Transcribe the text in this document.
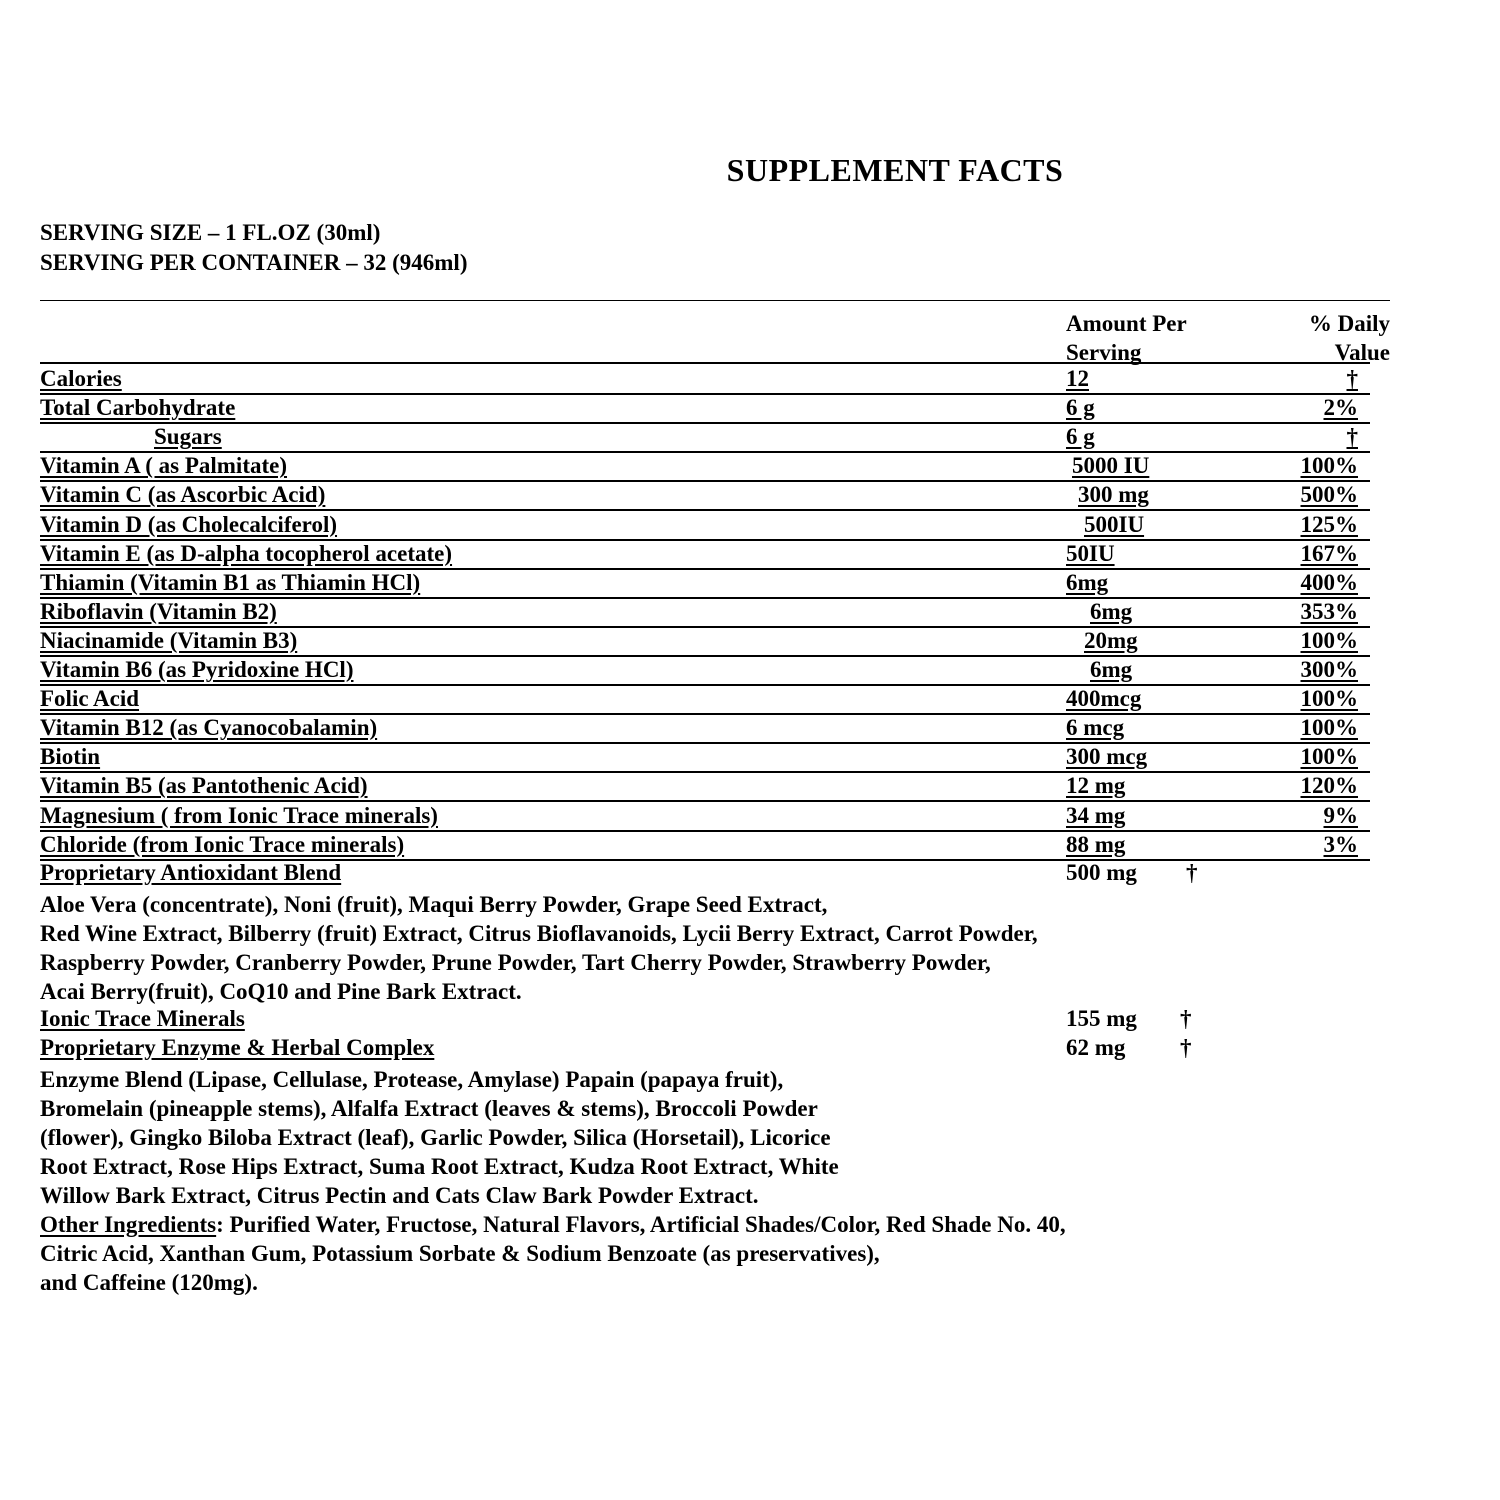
SUPPLEMENT FACTS
SERVING SIZE – 1 FL.OZ (30ml)
SERVING PER CONTAINER – 32 (946ml)
Amount Per
Serving
% Daily
Value
Calories	12	†
Total Carbohydrate	6 g	2%
Sugars	6 g	†
Vitamin A ( as Palmitate)	5000 IU	100%
Vitamin C (as Ascorbic Acid)	300 mg	500%
Vitamin D (as Cholecalciferol)	500IU	125%
Vitamin E (as D-alpha tocopherol acetate)	50IU	167%
Thiamin (Vitamin B1 as Thiamin HCl)	6mg	400%
Riboflavin (Vitamin B2)	6mg	353%
Niacinamide (Vitamin B3)	20mg	100%
Vitamin B6 (as Pyridoxine HCl)	6mg	300%
Folic Acid	400mcg	100%
Vitamin B12 (as Cyanocobalamin)	6 mcg	100%
Biotin	300 mcg	100%
Vitamin B5 (as Pantothenic Acid)	12 mg	120%
Magnesium ( from Ionic Trace minerals)	34 mg	9%
Chloride (from Ionic Trace minerals)	88 mg	3%
Proprietary Antioxidant Blend	500 mg †
Aloe Vera (concentrate), Noni (fruit), Maqui Berry Powder, Grape Seed Extract,
Red Wine Extract, Bilberry (fruit) Extract, Citrus Bioflavanoids, Lycii Berry Extract, Carrot Powder,
Raspberry Powder, Cranberry Powder, Prune Powder, Tart Cherry Powder, Strawberry Powder,
Acai Berry(fruit), CoQ10 and Pine Bark Extract.
Ionic Trace Minerals	155 mg †
Proprietary Enzyme & Herbal Complex	62 mg †
Enzyme Blend (Lipase, Cellulase, Protease, Amylase) Papain (papaya fruit),
Bromelain (pineapple stems), Alfalfa Extract (leaves & stems), Broccoli Powder
(flower), Gingko Biloba Extract (leaf), Garlic Powder, Silica (Horsetail), Licorice
Root Extract, Rose Hips Extract, Suma Root Extract, Kudza Root Extract, White
Willow Bark Extract, Citrus Pectin and Cats Claw Bark Powder Extract.
Other Ingredients: Purified Water, Fructose, Natural Flavors, Artificial Shades/Color, Red Shade No. 40,
Citric Acid, Xanthan Gum, Potassium Sorbate & Sodium Benzoate (as preservatives),
and Caffeine (120mg).
